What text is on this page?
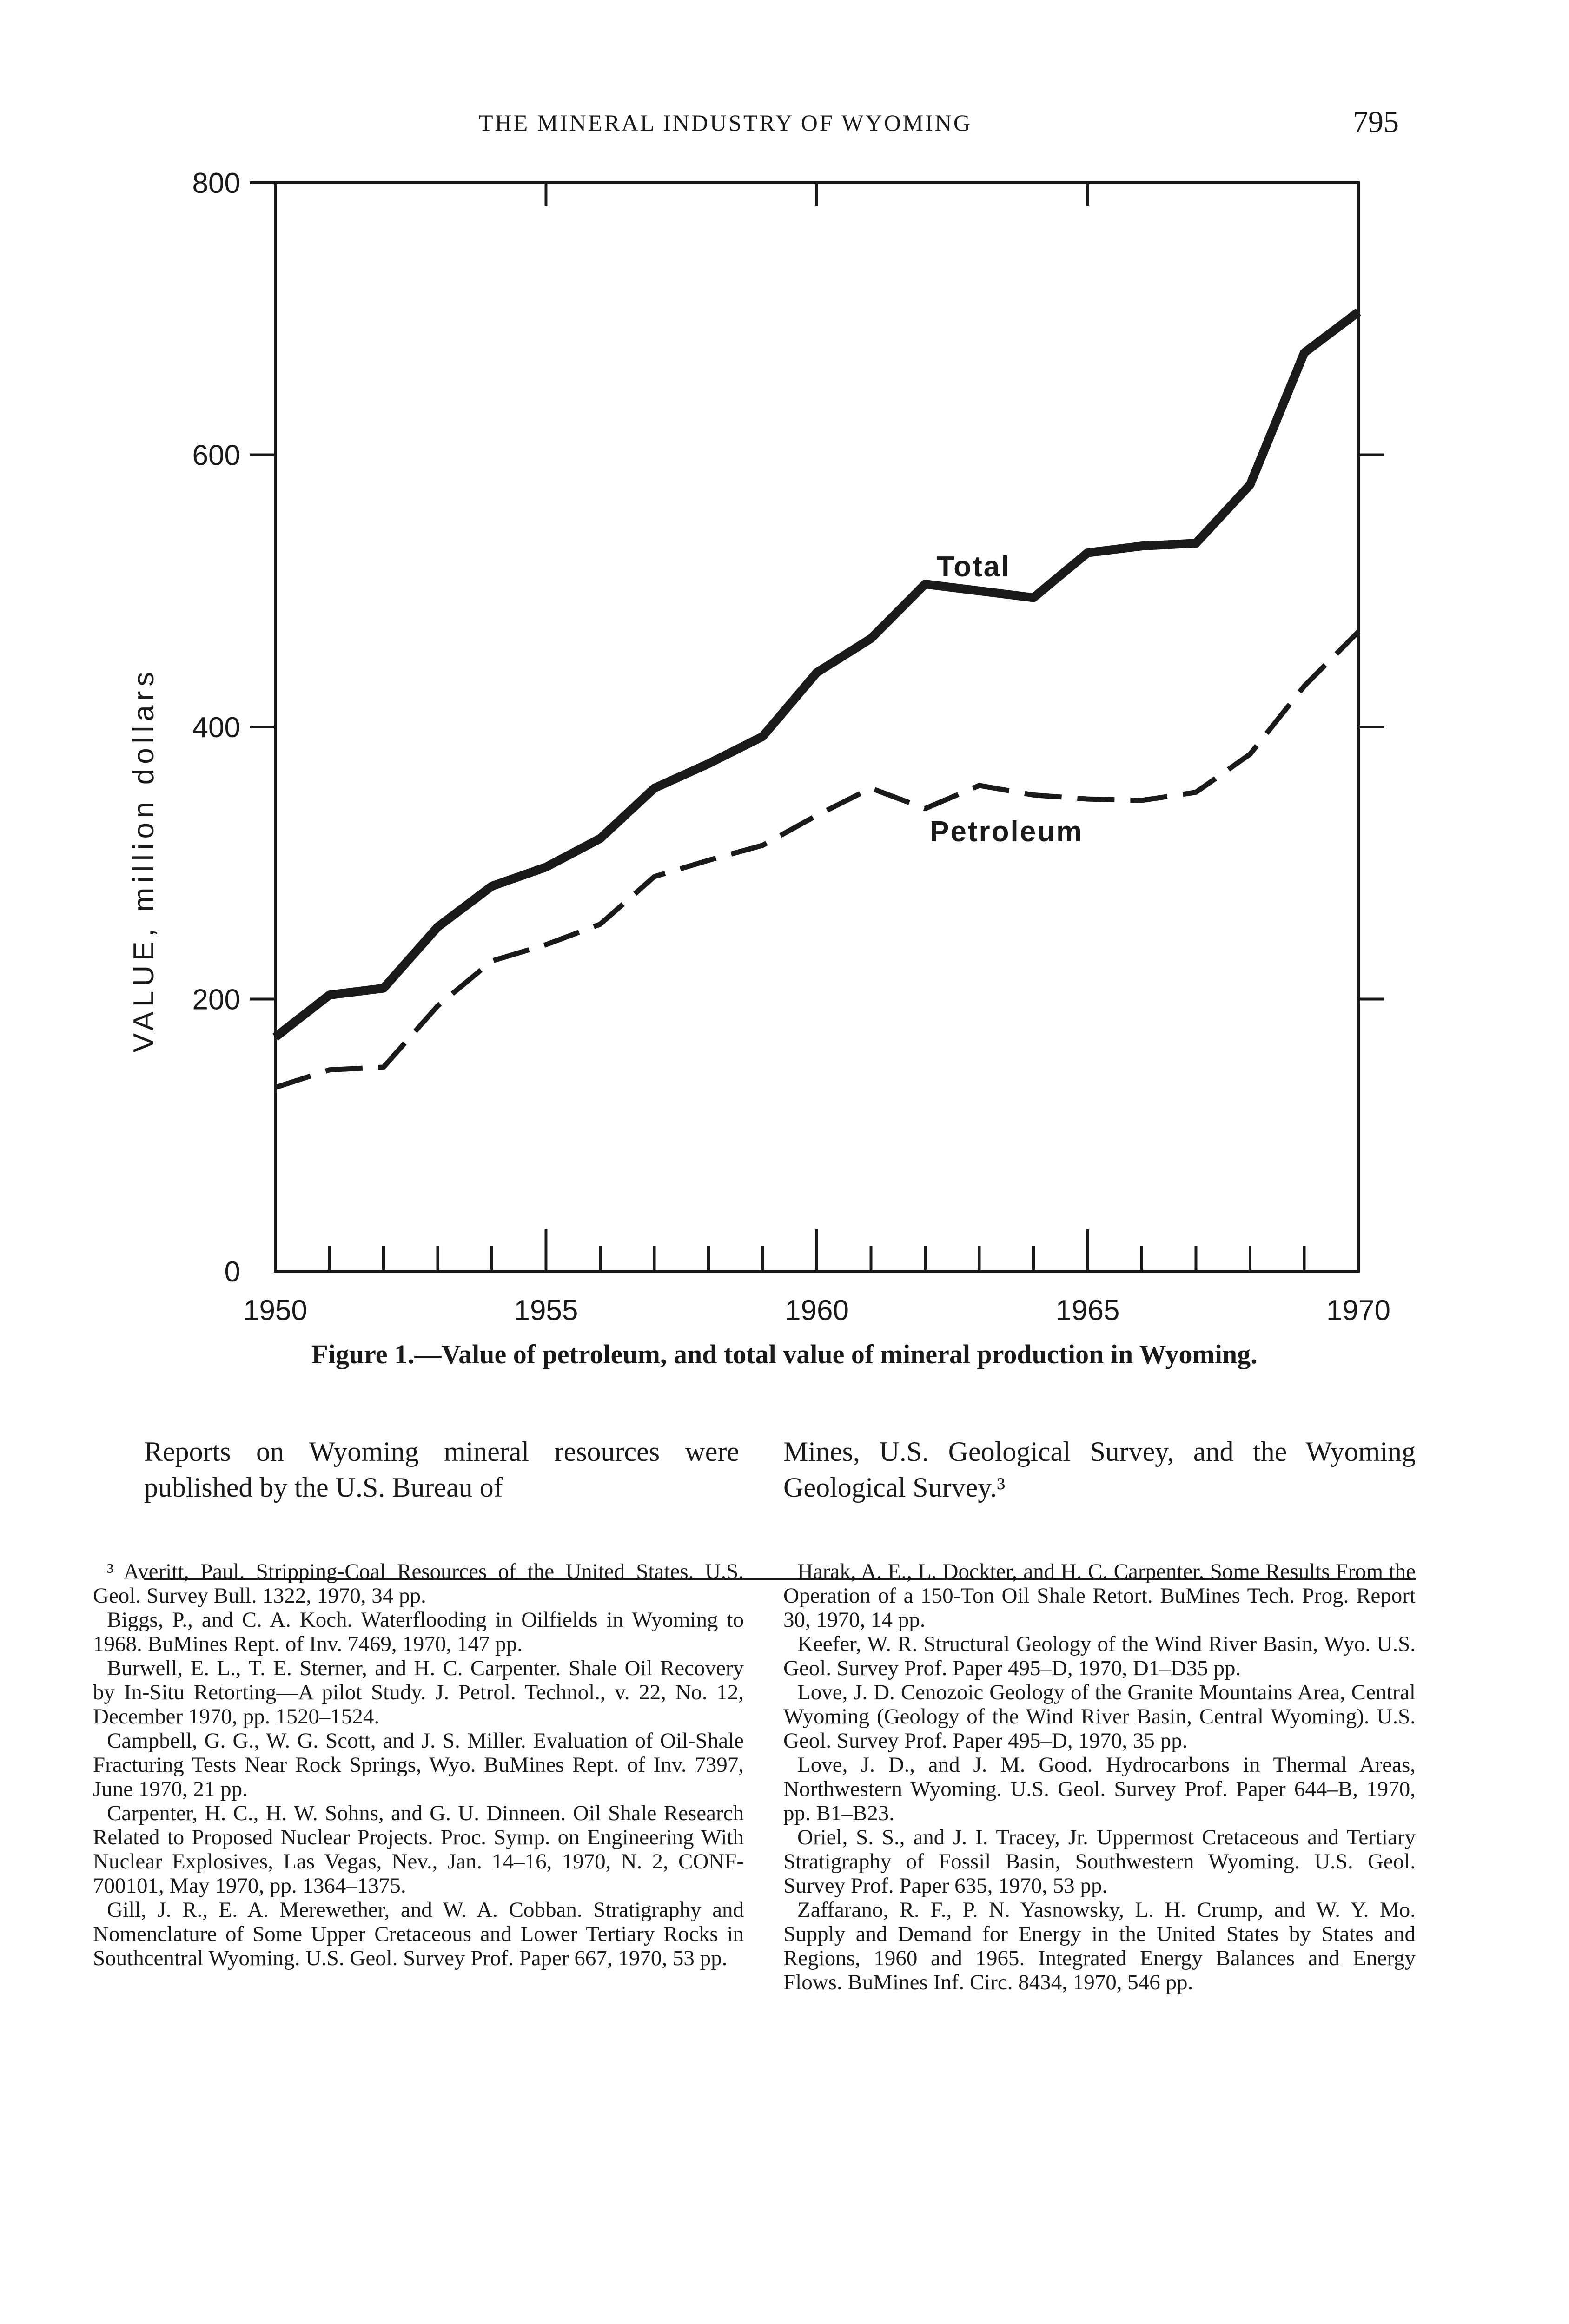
THE MINERAL INDUSTRY OF WYOMING	795
0
200
400
600
800
1950	1955	1960	1965	1970
VALUE, million dollars
Total
Petroleum
Figure 1.—Value of petroleum, and total value of mineral production in Wyoming.
Reports on Wyoming mineral resources were published by the U.S. Bureau of
Mines, U.S. Geological Survey, and the Wyoming Geological Survey.³
³ Averitt, Paul. Stripping-Coal Resources of the United States. U.S. Geol. Survey Bull. 1322, 1970, 34 pp.
Biggs, P., and C. A. Koch. Waterflooding in Oilfields in Wyoming to 1968. BuMines Rept. of Inv. 7469, 1970, 147 pp.
Burwell, E. L., T. E. Sterner, and H. C. Carpenter. Shale Oil Recovery by In-Situ Retorting—A pilot Study. J. Petrol. Technol., v. 22, No. 12, December 1970, pp. 1520–1524.
Campbell, G. G., W. G. Scott, and J. S. Miller. Evaluation of Oil-Shale Fracturing Tests Near Rock Springs, Wyo. BuMines Rept. of Inv. 7397, June 1970, 21 pp.
Carpenter, H. C., H. W. Sohns, and G. U. Dinneen. Oil Shale Research Related to Proposed Nuclear Projects. Proc. Symp. on Engineering With Nuclear Explosives, Las Vegas, Nev., Jan. 14–16, 1970, N. 2, CONF-700101, May 1970, pp. 1364–1375.
Gill, J. R., E. A. Merewether, and W. A. Cobban. Stratigraphy and Nomenclature of Some Upper Cretaceous and Lower Tertiary Rocks in Southcentral Wyoming. U.S. Geol. Survey Prof. Paper 667, 1970, 53 pp.
Harak, A. E., L. Dockter, and H. C. Carpenter. Some Results From the Operation of a 150-Ton Oil Shale Retort. BuMines Tech. Prog. Report 30, 1970, 14 pp.
Keefer, W. R. Structural Geology of the Wind River Basin, Wyo. U.S. Geol. Survey Prof. Paper 495–D, 1970, D1–D35 pp.
Love, J. D. Cenozoic Geology of the Granite Mountains Area, Central Wyoming (Geology of the Wind River Basin, Central Wyoming). U.S. Geol. Survey Prof. Paper 495–D, 1970, 35 pp.
Love, J. D., and J. M. Good. Hydrocarbons in Thermal Areas, Northwestern Wyoming. U.S. Geol. Survey Prof. Paper 644–B, 1970, pp. B1–B23.
Oriel, S. S., and J. I. Tracey, Jr. Uppermost Cretaceous and Tertiary Stratigraphy of Fossil Basin, Southwestern Wyoming. U.S. Geol. Survey Prof. Paper 635, 1970, 53 pp.
Zaffarano, R. F., P. N. Yasnowsky, L. H. Crump, and W. Y. Mo. Supply and Demand for Energy in the United States by States and Regions, 1960 and 1965. Integrated Energy Balances and Energy Flows. BuMines Inf. Circ. 8434, 1970, 546 pp.
